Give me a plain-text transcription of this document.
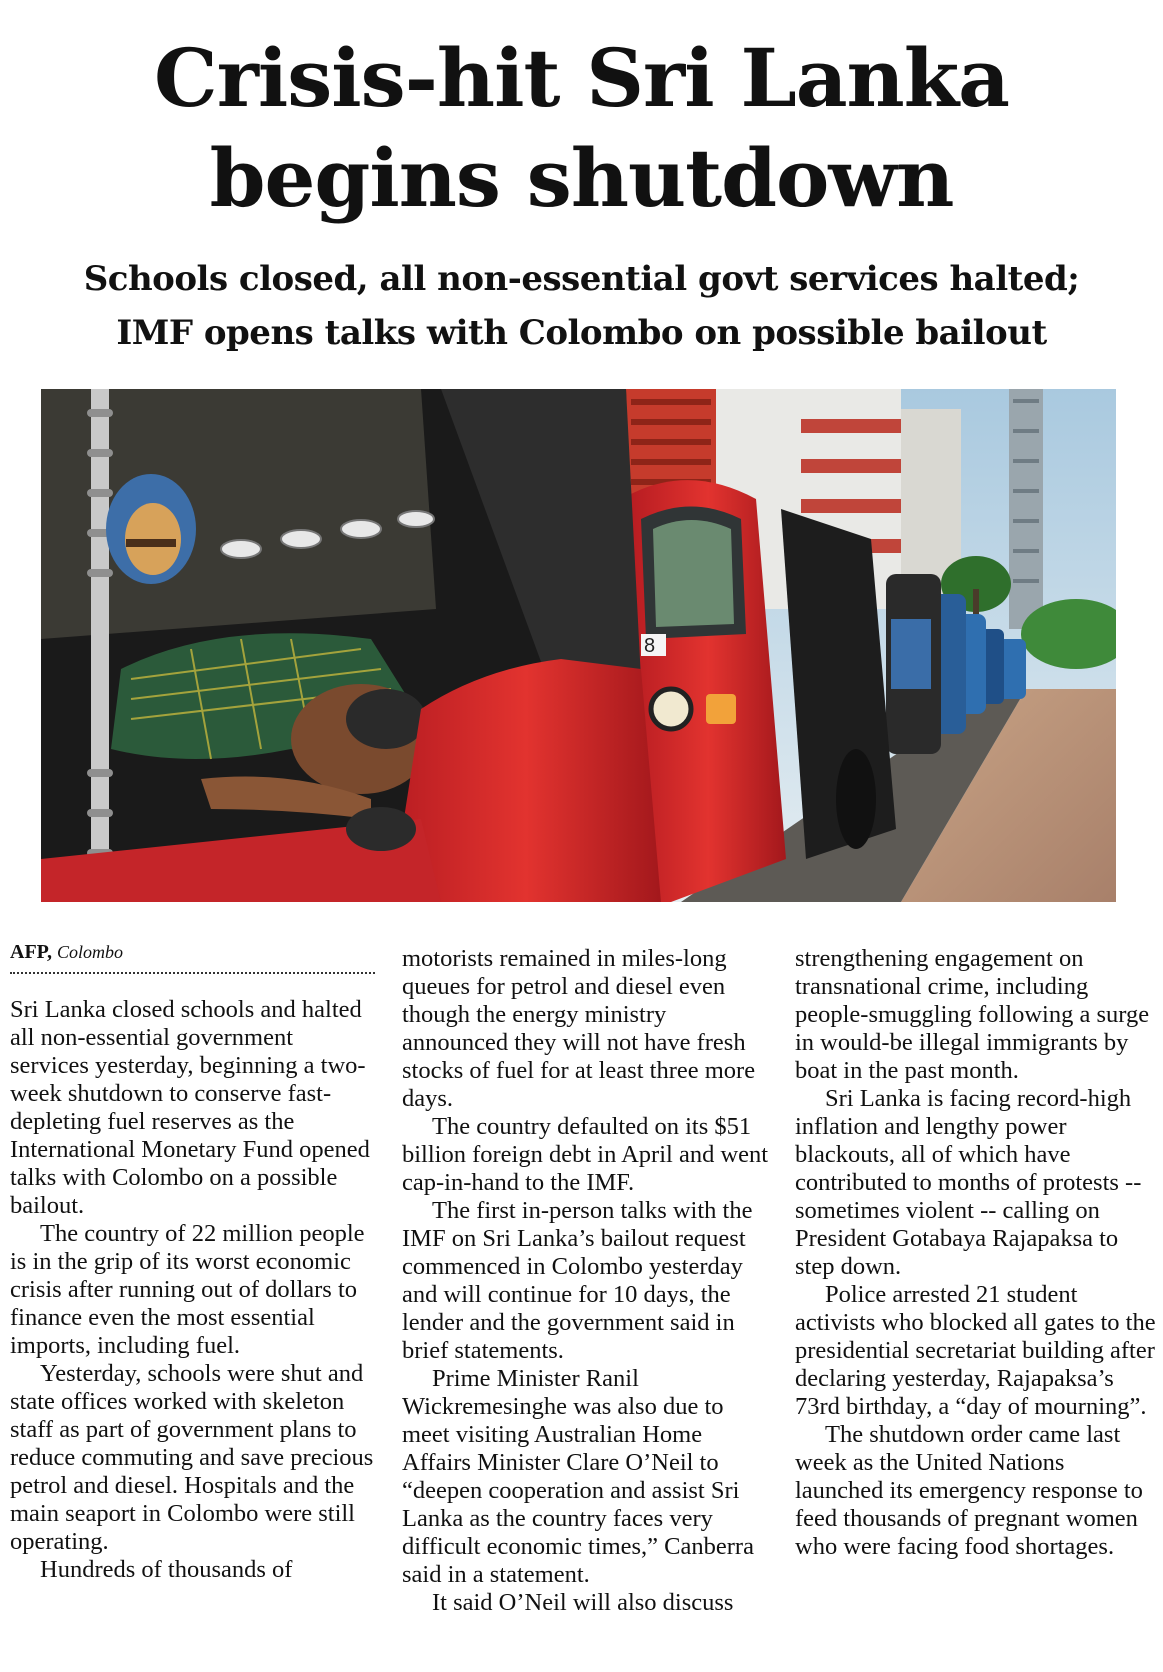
Crisis-hit Sri Lanka
begins shutdown
Schools closed, all non-essential govt services halted;
IMF opens talks with Colombo on possible bailout
8
AFP, Colombo

Sri Lanka closed schools and halted all non-essential government services yesterday, beginning a two-week shutdown to conserve fast-depleting fuel reserves as the International Monetary Fund opened talks with Colombo on a possible bailout.

The country of 22 million people is in the grip of its worst economic crisis after running out of dollars to finance even the most essential imports, including fuel.

Yesterday, schools were shut and state offices worked with skeleton staff as part of government plans to reduce commuting and save precious petrol and diesel. Hospitals and the main seaport in Colombo were still operating.

Hundreds of thousands of

motorists remained in miles-long queues for petrol and diesel even though the energy ministry announced they will not have fresh stocks of fuel for at least three more days.

The country defaulted on its $51 billion foreign debt in April and went cap-in-hand to the IMF.

The first in-person talks with the IMF on Sri Lanka’s bailout request commenced in Colombo yesterday and will continue for 10 days, the lender and the government said in brief statements.

Prime Minister Ranil Wickremesinghe was also due to meet visiting Australian Home Affairs Minister Clare O’Neil to “deepen cooperation and assist Sri Lanka as the country faces very difficult economic times,” Canberra said in a statement.

It said O’Neil will also discuss

strengthening engagement on transnational crime, including people-smuggling following a surge in would-be illegal immigrants by boat in the past month.

Sri Lanka is facing record-high inflation and lengthy power blackouts, all of which have contributed to months of protests -- sometimes violent -- calling on President Gotabaya Rajapaksa to step down.

Police arrested 21 student activists who blocked all gates to the presidential secretariat building after declaring yesterday, Rajapaksa’s 73rd birthday, a “day of mourning”.

The shutdown order came last week as the United Nations launched its emergency response to feed thousands of pregnant women who were facing food shortages.
